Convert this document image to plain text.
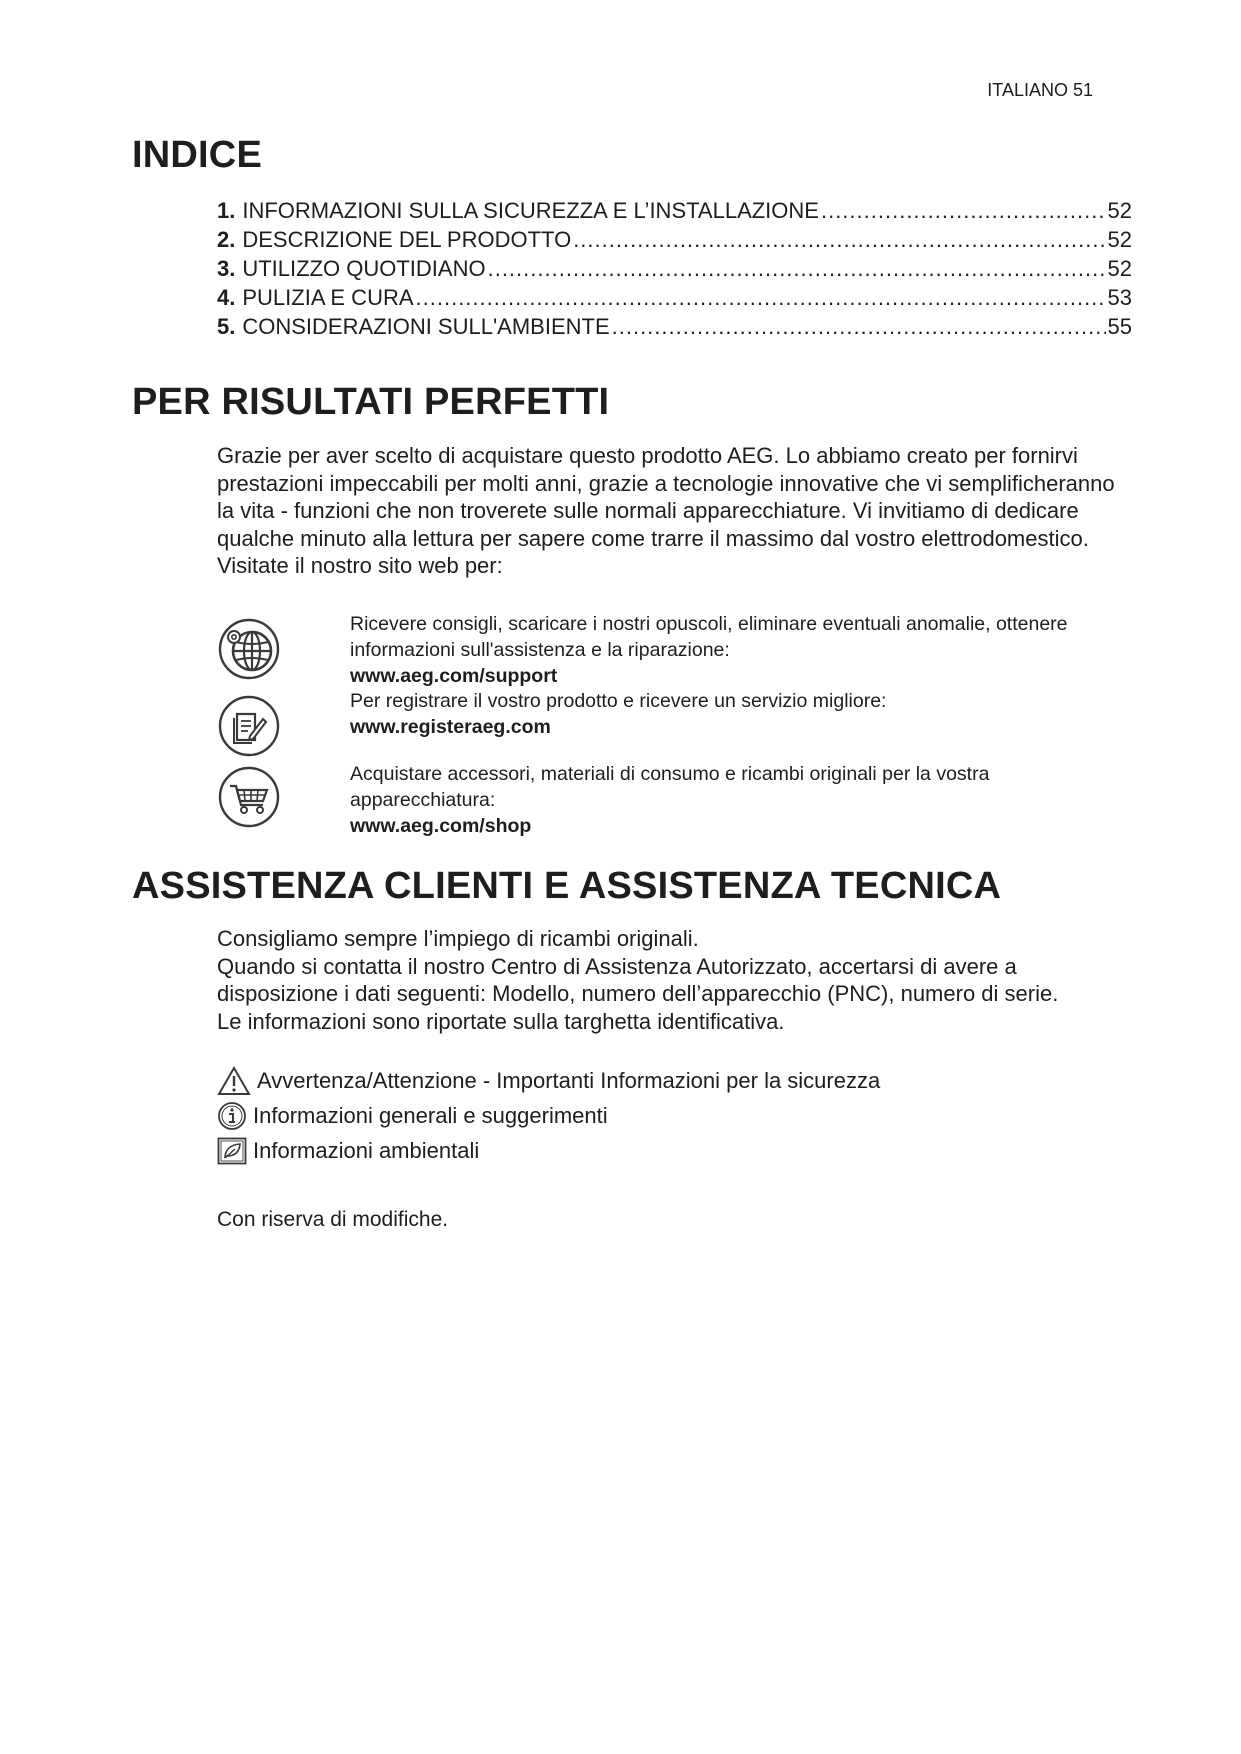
ITALIANO 51
INDICE
1. INFORMAZIONI SULLA SICUREZZA E L’INSTALLAZIONE .....	52
2. DESCRIZIONE DEL PRODOTTO .....	52
3. UTILIZZO QUOTIDIANO .....	52
4. PULIZIA E CURA .....	53
5. CONSIDERAZIONI SULL'AMBIENTE .....	55
PER RISULTATI PERFETTI

Grazie per aver scelto di acquistare questo prodotto AEG. Lo abbiamo creato per fornirvi prestazioni impeccabili per molti anni, grazie a tecnologie innovative che vi semplificheranno la vita - funzioni che non troverete sulle normali apparecchiature. Vi invitiamo di dedicare qualche minuto alla lettura per sapere come trarre il massimo dal vostro elettrodomestico.

Visitate il nostro sito web per:

Ricevere consigli, scaricare i nostri opuscoli, eliminare eventuali anomalie, ottenere informazioni sull'assistenza e la riparazione:
www.aeg.com/support
Per registrare il vostro prodotto e ricevere un servizio migliore:
www.registeraeg.com
Acquistare accessori, materiali di consumo e ricambi originali per la vostra apparecchiatura:
www.aeg.com/shop
ASSISTENZA CLIENTI E ASSISTENZA TECNICA

Consigliamo sempre l’impiego di ricambi originali.

Quando si contatta il nostro Centro di Assistenza Autorizzato, accertarsi di avere a disposizione i dati seguenti: Modello, numero dell’apparecchio (PNC), numero di serie.

Le informazioni sono riportate sulla targhetta identificativa.

Avvertenza/Attenzione - Importanti Informazioni per la sicurezza
Informazioni generali e suggerimenti
Informazioni ambientali
Con riserva di modifiche.
